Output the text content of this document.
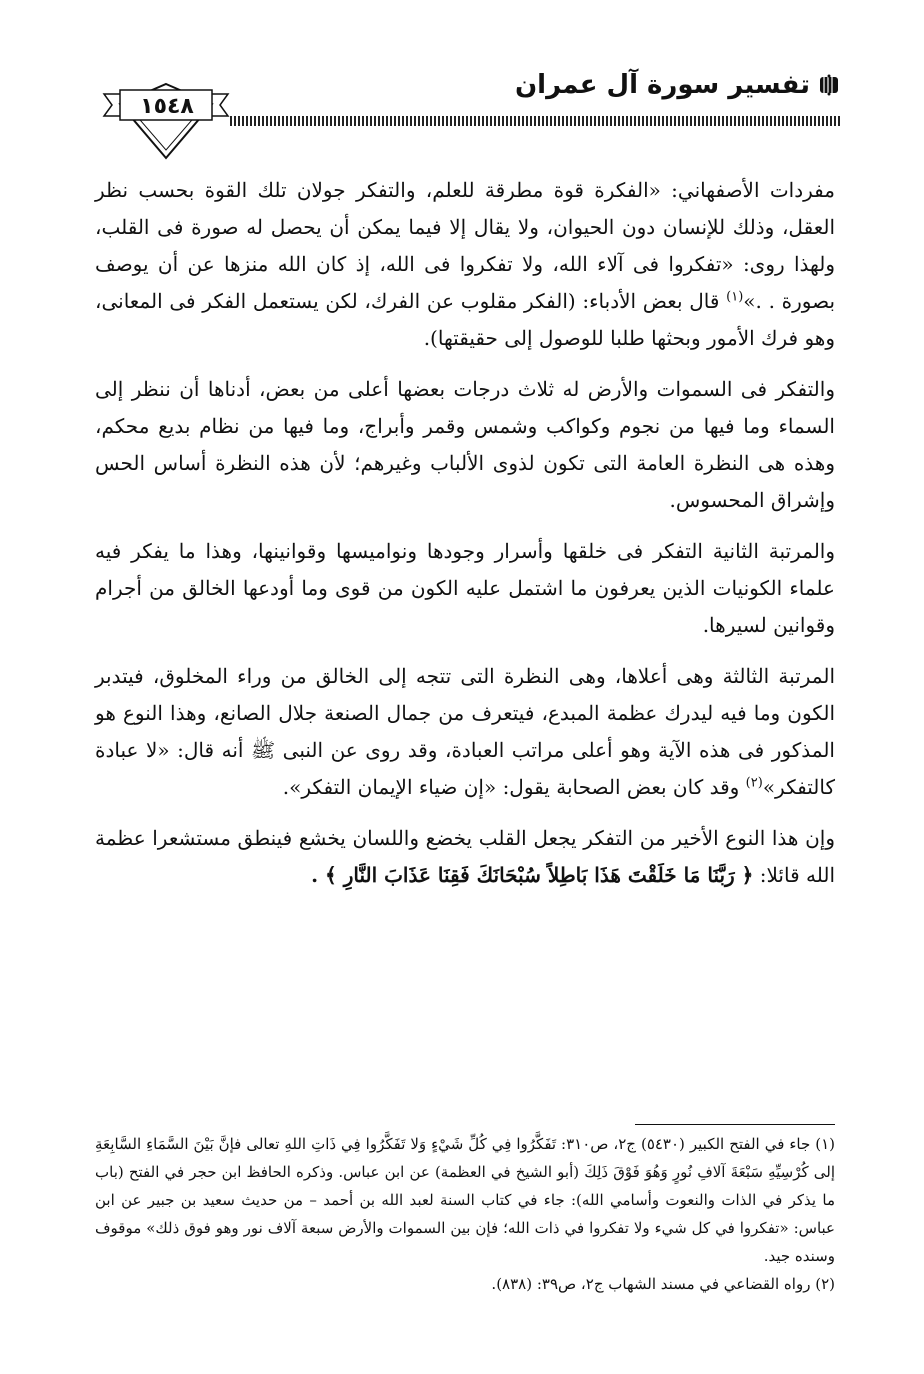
تفسير سورة آل عمران
١٥٤٨
مفردات الأصفهاني: «الفكرة قوة مطرقة للعلم، والتفكر جولان تلك القوة بحسب نظر العقل، وذلك للإنسان دون الحيوان، ولا يقال إلا فيما يمكن أن يحصل له صورة فى القلب، ولهذا روى: «تفكروا فى آلاء الله، ولا تفكروا فى الله، إذ كان الله منزها عن أن يوصف بصورة . .»$^{(١)}$ قال بعض الأدباء: (الفكر مقلوب عن الفرك، لكن يستعمل الفكر فى المعانى، وهو فرك الأمور وبحثها طلبا للوصول إلى حقيقتها).
والتفكر فى السموات والأرض له ثلاث درجات بعضها أعلى من بعض، أدناها أن ننظر إلى السماء وما فيها من نجوم وكواكب وشمس وقمر وأبراج، وما فيها من نظام بديع محكم، وهذه هى النظرة العامة التى تكون لذوى الألباب وغيرهم؛ لأن هذه النظرة أساس الحس وإشراق المحسوس.
والمرتبة الثانية التفكر فى خلقها وأسرار وجودها ونواميسها وقوانينها، وهذا ما يفكر فيه علماء الكونيات الذين يعرفون ما اشتمل عليه الكون من قوى وما أودعها الخالق من أجرام وقوانين لسيرها.
المرتبة الثالثة وهى أعلاها، وهى النظرة التى تتجه إلى الخالق من وراء المخلوق، فيتدبر الكون وما فيه ليدرك عظمة المبدع، فيتعرف من جمال الصنعة جلال الصانع، وهذا النوع هو المذكور فى هذه الآية وهو أعلى مراتب العبادة، وقد روى عن النبى ﷺ أنه قال: «لا عبادة كالتفكر»$^{(٢)}$ وقد كان بعض الصحابة يقول: «إن ضياء الإيمان التفكر».
وإن هذا النوع الأخير من التفكر يجعل القلب يخضع واللسان يخشع فينطق مستشعرا عظمة الله قائلا: ﴿ رَبَّنَا مَا خَلَقْتَ هَذَا بَاطِلاً سُبْحَانَكَ فَقِنَا عَذَابَ النَّارِ ﴾ .

(١) جاء في الفتح الكبير (٥٤٣٠) ج٢، ص٣١٠: تَفَكَّرُوا فِي كُلِّ شَيْءٍ وَلا تَفَكَّرُوا فِي ذَاتِ اللهِ تعالى فإنَّ بَيْنَ السَّمَاءِ السَّابِعَةِ إلى كُرْسِيِّهِ سَبْعَةَ آلافِ نُورٍ وَهُوَ فَوْقَ ذَلِكَ (أبو الشيخ في العظمة) عن ابن عباس. وذكره الحافظ ابن حجر في الفتح (باب ما يذكر في الذات والنعوت وأسامي الله): جاء في كتاب السنة لعبد الله بن أحمد – من حديث سعيد بن جبير عن ابن عباس: «تفكروا في كل شيء ولا تفكروا في ذات الله؛ فإن بين السموات والأرض سبعة آلاف نور وهو فوق ذلك» موقوف وسنده جيد.

(٢) رواه القضاعي في مسند الشهاب ج٢، ص٣٩: (٨٣٨).
